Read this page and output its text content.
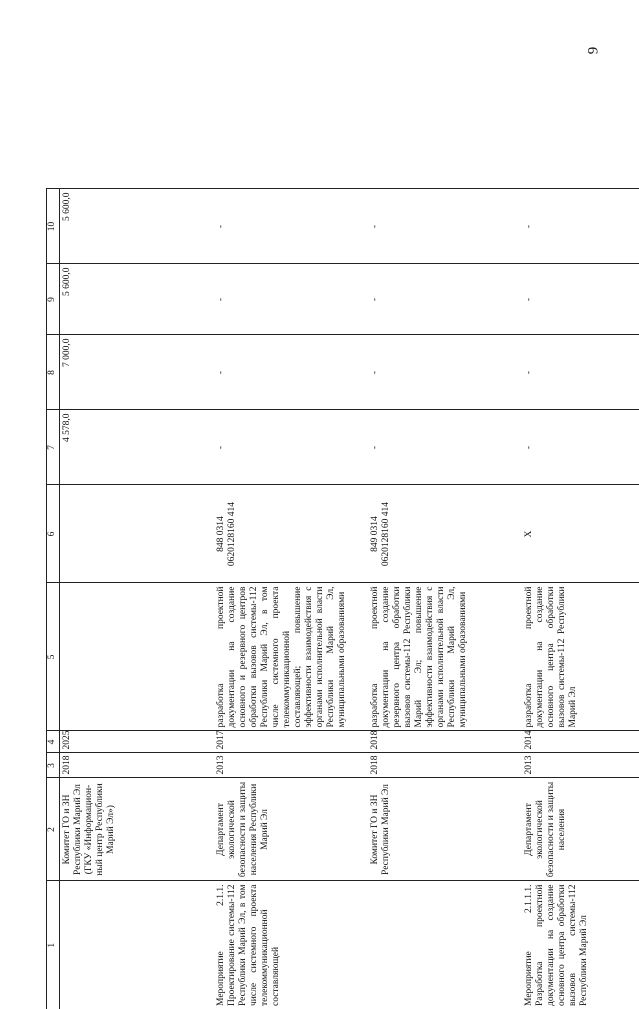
9
1	2	3	4	5	6	7	8	9	10
	Комитет ГО и ЗН Республики Марий Эл (ГКУ «Информацион-ный центр Республики Марий Эл»)	2018	2025			4 578,0	7 000,0	5 600,0	5 600,0
Мероприятие 2.1.1. Проектирование системы-112 Республики Марий Эл, в том числе системного проекта телекоммуникационной составляющей	Департамент экологической безопасности и защиты населения Республики Марий Эл	2013	2017	разработка проектной документации на создание основного и резервного центров обработки вызовов системы-112 Республики Марий Эл, в том числе системного проекта телекоммуникационной составляющей; повышение эффективности взаимодействия с органами исполнительной власти Республики Марий Эл, муниципальными образованиями	848 0314 0620128160 414	-	-	-	-
	Комитет ГО и ЗН Республики Марий Эл	2018	2018	разработка проектной документации на создание резервного центра обработки вызовов системы-112 Республики Марий Эл; повышение эффективности взаимодействия с органами исполнительной власти Республики Марий Эл, муниципальными образованиями	849 0314 0620128160 414	-	-	-	-
Мероприятие 2.1.1.1. Разработка проектной документации на создание основного центра обработки вызовов системы-112 Республики Марий Эл	Департамент экологической безопасности и защиты населения	2013	2014	разработка проектной документации на создание основного центра обработки вызовов системы-112 Республики Марий Эл	X	-	-	-	-
